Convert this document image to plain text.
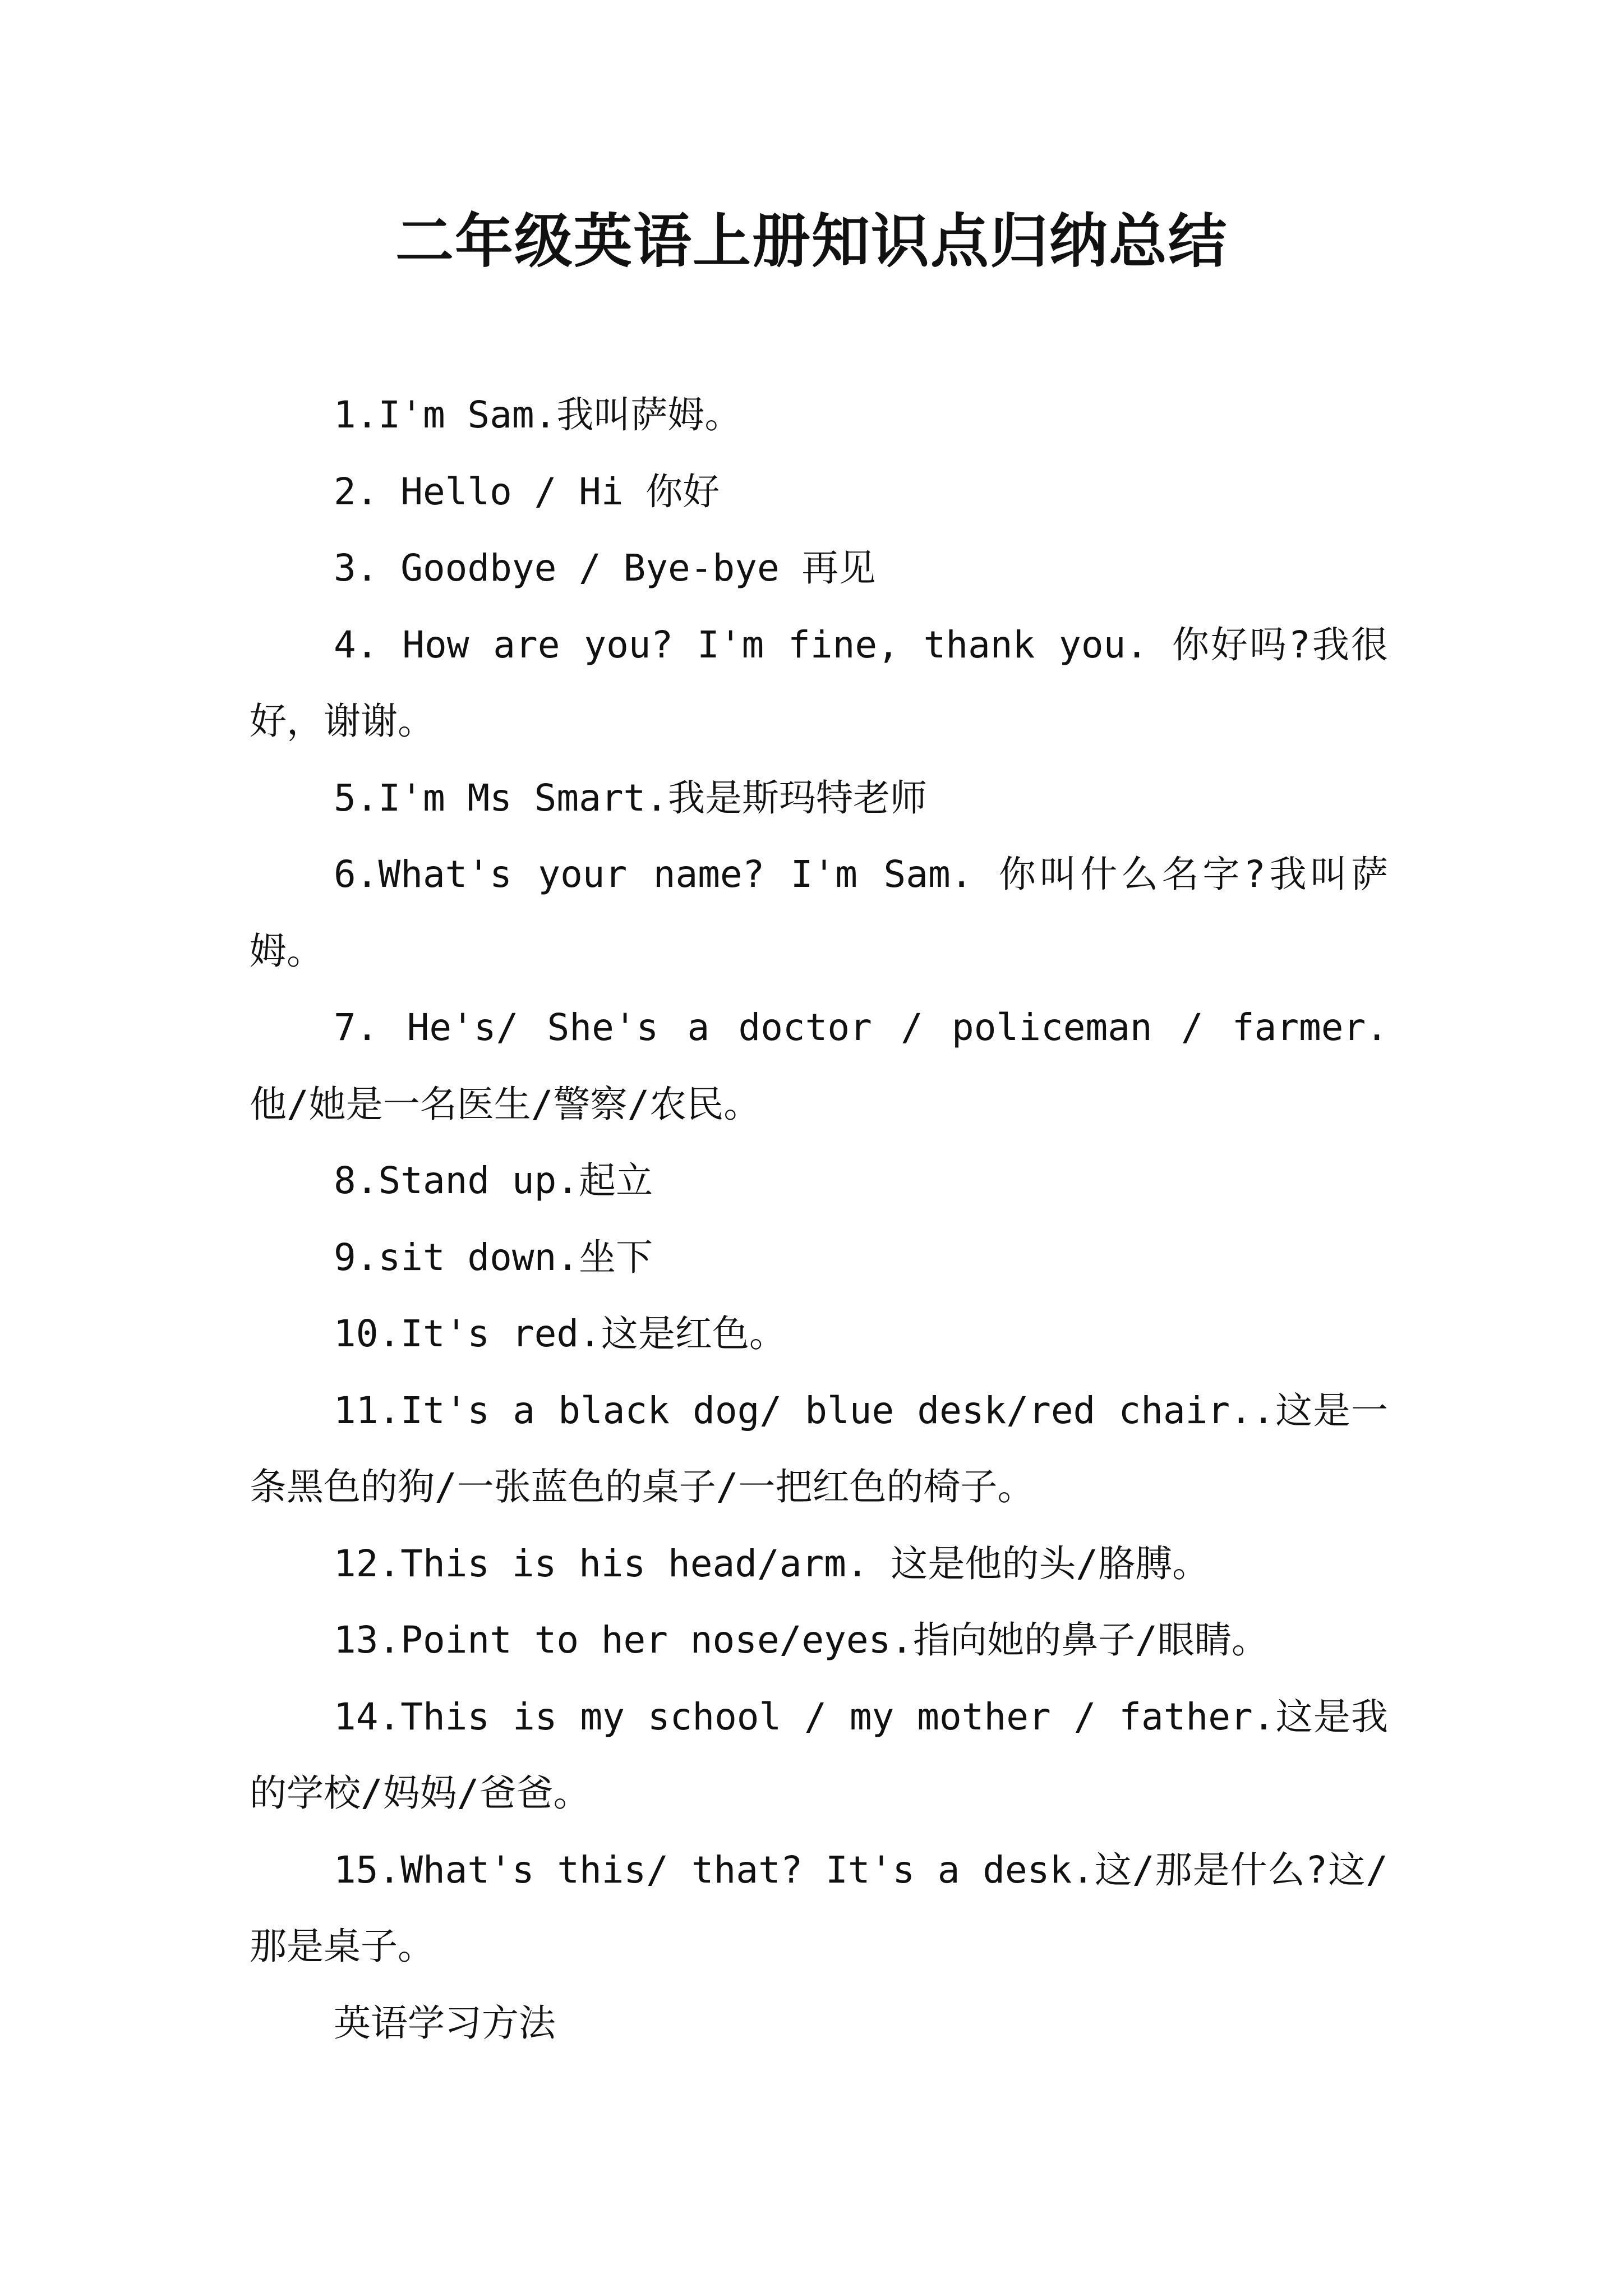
二年级英语上册知识点归纳总结

1.I'm Sam.我叫萨姆。

2. Hello / Hi 你好

3. Goodbye / Bye-bye 再见

4. How are you? I'm fine, thank you. 你好吗?我很好，谢谢。

5.I'm Ms Smart.我是斯玛特老师

6.What's your name? I'm Sam. 你叫什么名字?我叫萨姆。

7. He's/ She's a doctor / policeman / farmer.他/她是一名医生/警察/农民。

8.Stand up.起立

9.sit down.坐下

10.It's red.这是红色。

11.It's a black dog/ blue desk/red chair..这是一条黑色的狗/一张蓝色的桌子/一把红色的椅子。

12.This is his head/arm. 这是他的头/胳膊。

13.Point to her nose/eyes.指向她的鼻子/眼睛。

14.This is my school / my mother / father.这是我的学校/妈妈/爸爸。

15.What's this/ that? It's a desk.这/那是什么?这/那是桌子。

英语学习方法
